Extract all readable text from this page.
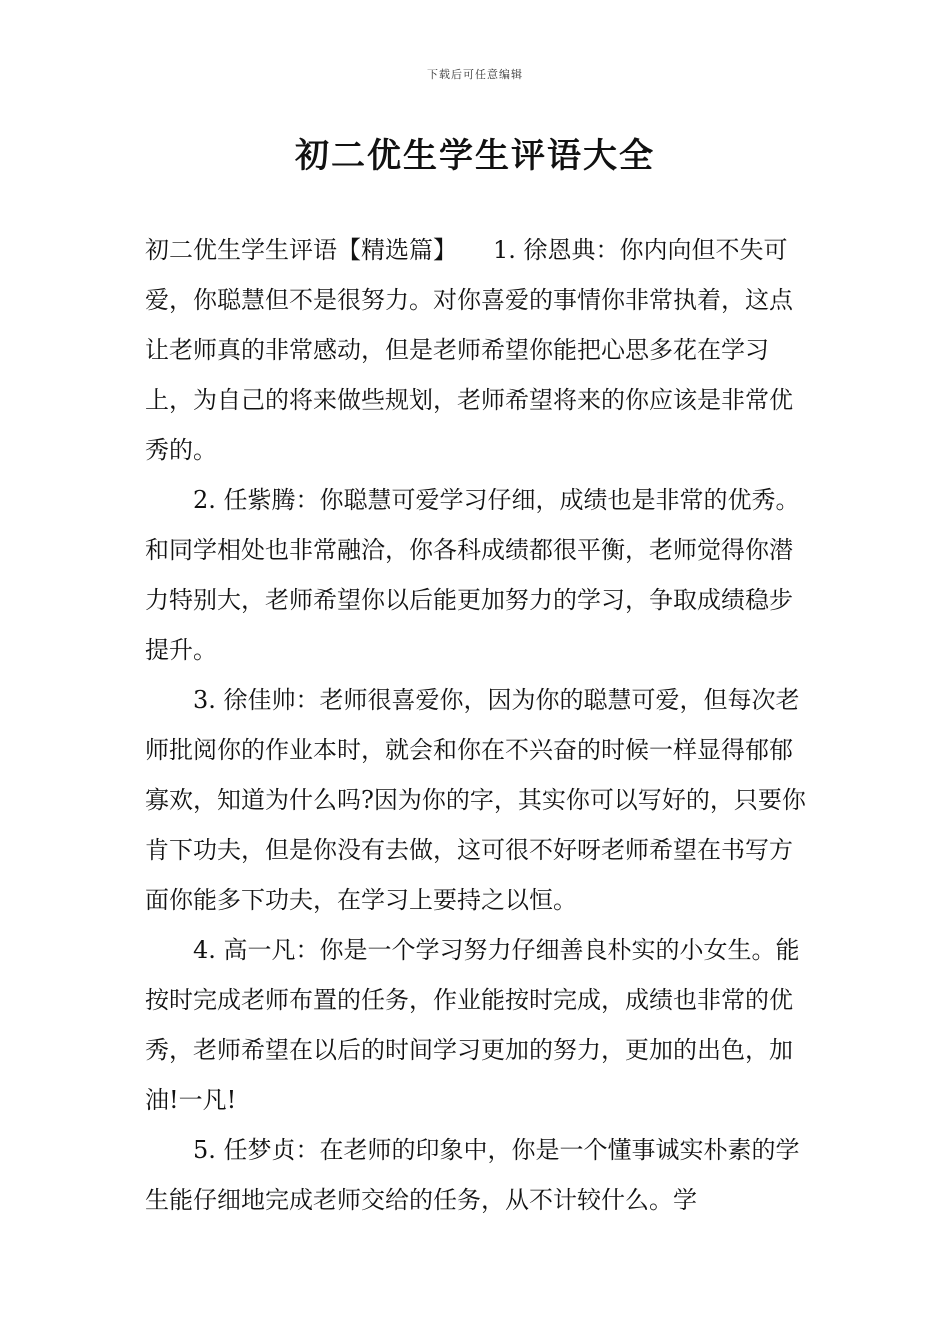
下载后可任意编辑
初二优生学生评语大全

初二优生学生评语【精选篇】　　1. 徐恩典：你内向但不失可爱，你聪慧但不是很努力。对你喜爱的事情你非常执着，这点让老师真的非常感动，但是老师希望你能把心思多花在学习上，为自己的将来做些规划，老师希望将来的你应该是非常优秀的。

2. 任紫腾：你聪慧可爱学习仔细，成绩也是非常的优秀。和同学相处也非常融洽，你各科成绩都很平衡，老师觉得你潜力特别大，老师希望你以后能更加努力的学习，争取成绩稳步提升。

3. 徐佳帅：老师很喜爱你，因为你的聪慧可爱，但每次老师批阅你的作业本时，就会和你在不兴奋的时候一样显得郁郁寡欢，知道为什么吗?因为你的字，其实你可以写好的，只要你肯下功夫，但是你没有去做，这可很不好呀老师希望在书写方面你能多下功夫，在学习上要持之以恒。

4. 高一凡：你是一个学习努力仔细善良朴实的小女生。能按时完成老师布置的任务，作业能按时完成，成绩也非常的优秀，老师希望在以后的时间学习更加的努力，更加的出色，加油!一凡!

5. 任梦贞：在老师的印象中，你是一个懂事诚实朴素的学生能仔细地完成老师交给的任务，从不计较什么。学
